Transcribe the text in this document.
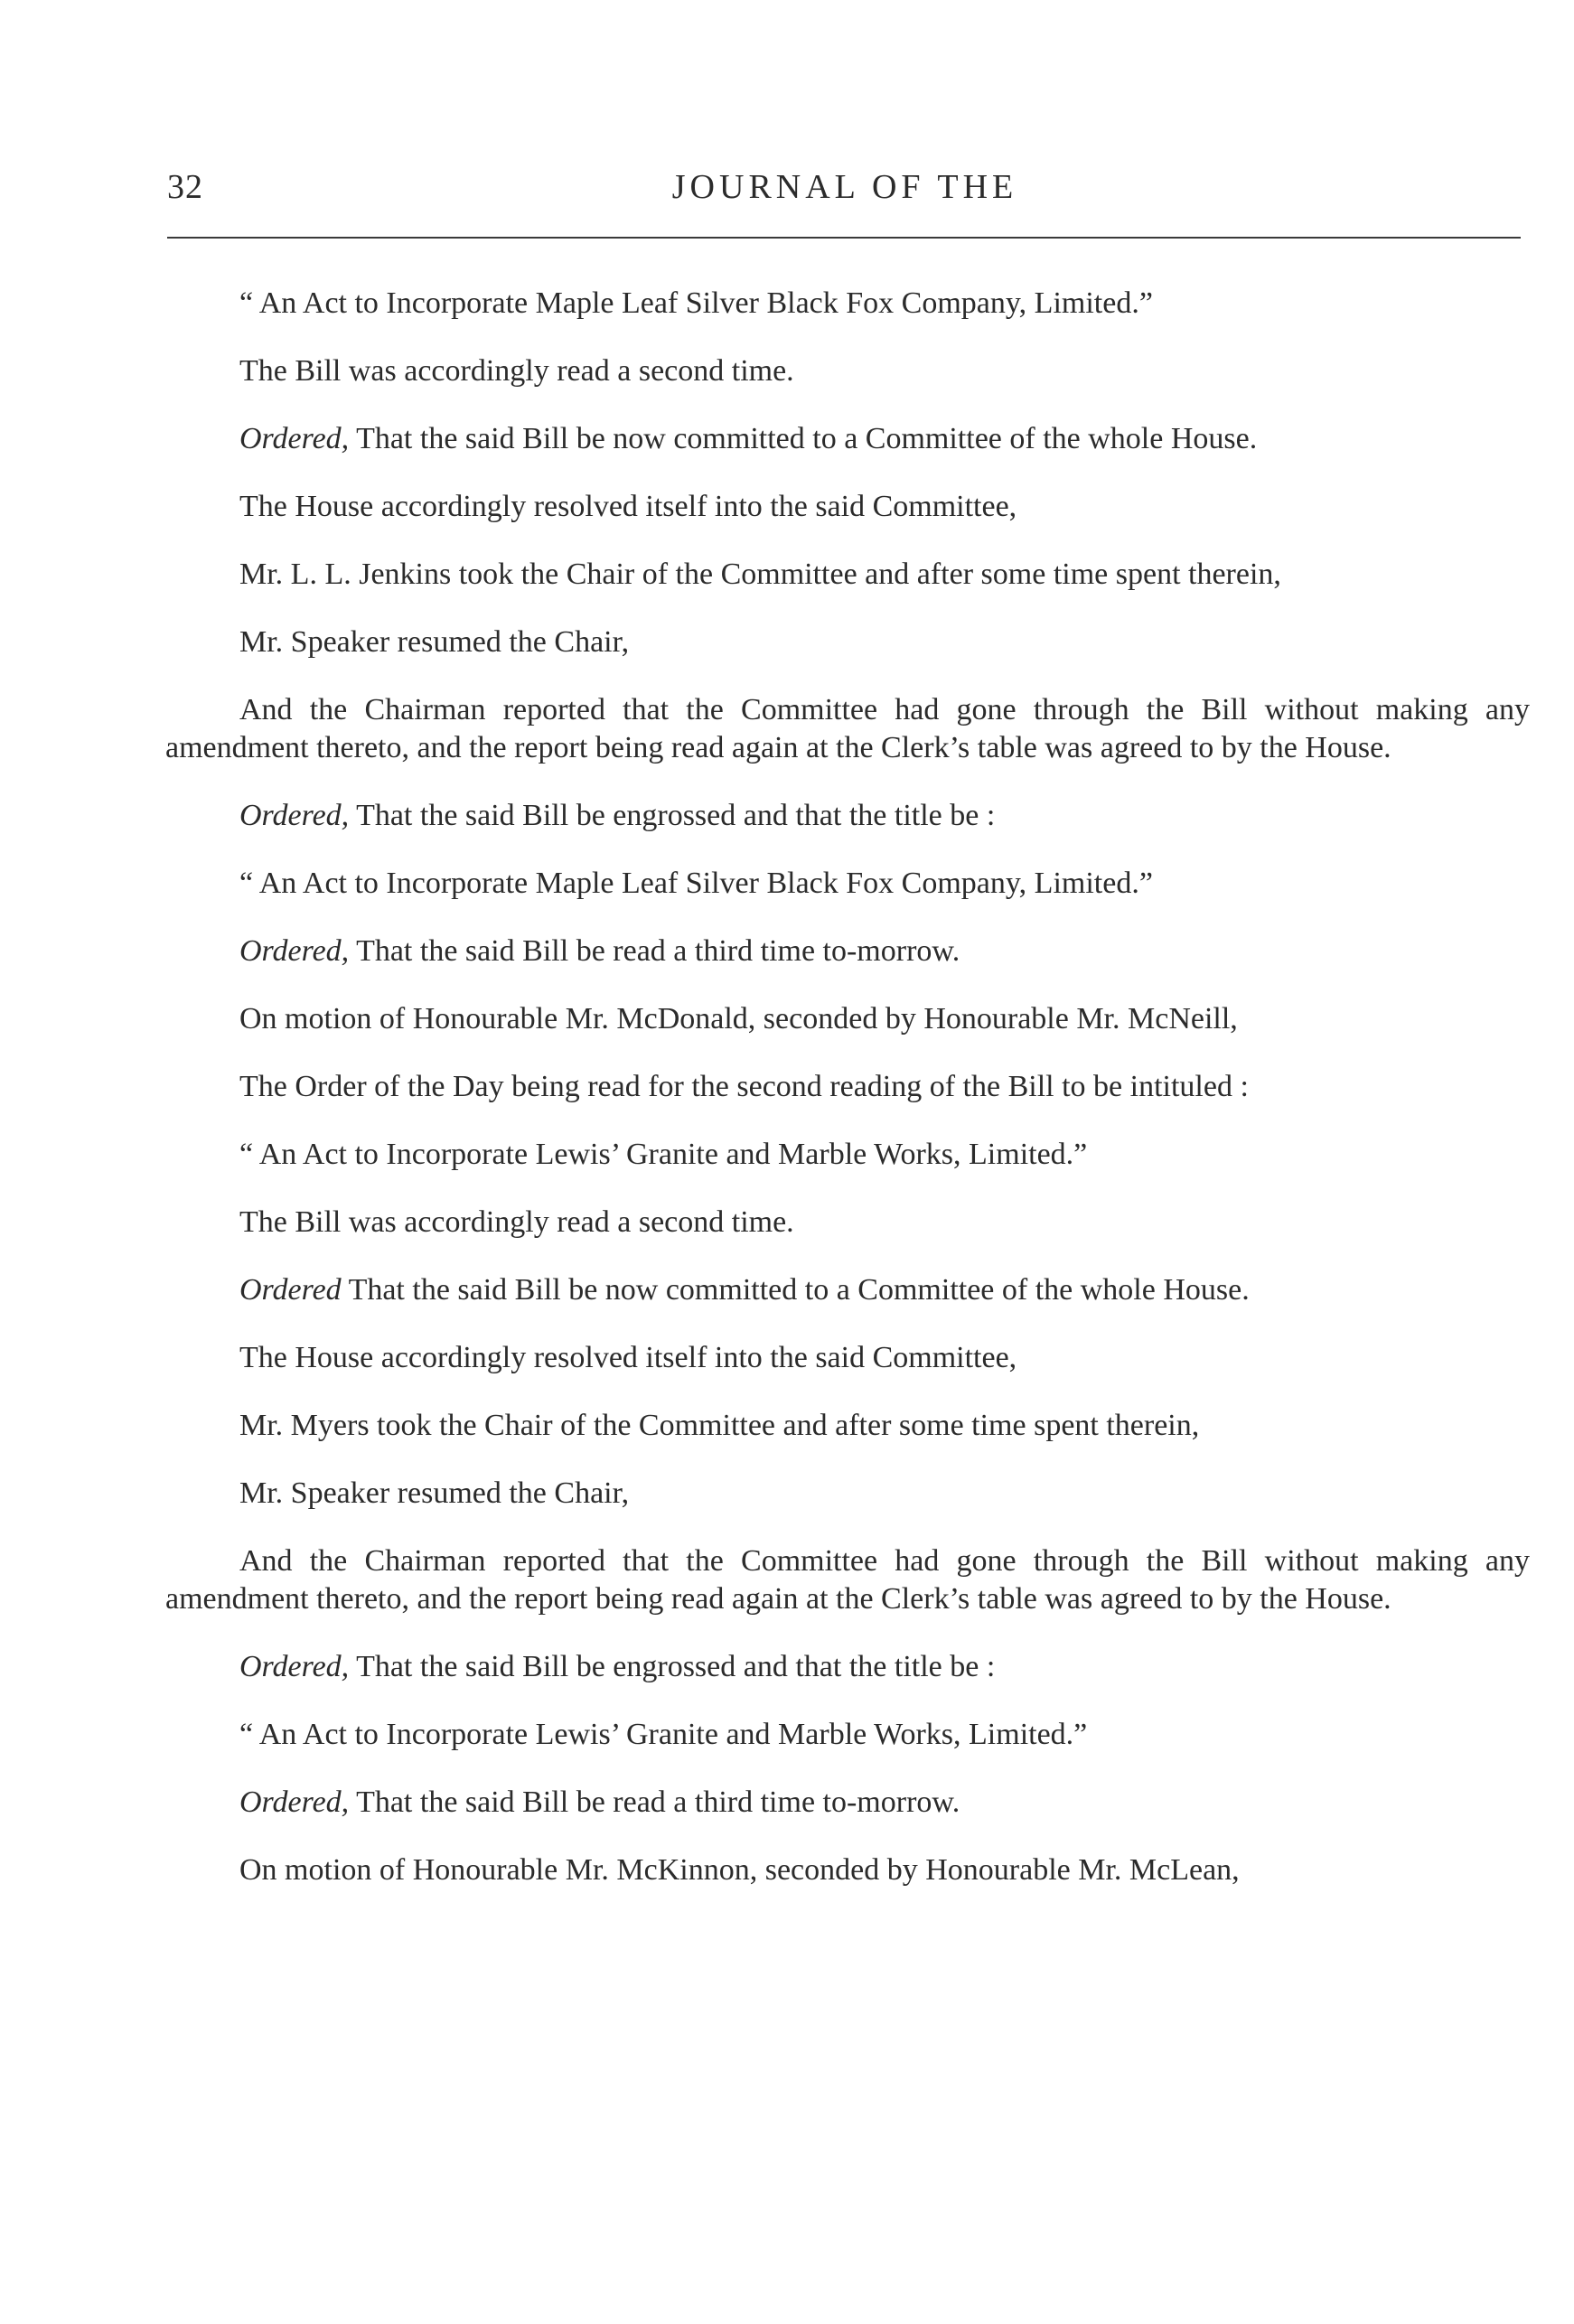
32	JOURNAL OF THE

“ An Act to Incorporate Maple Leaf Silver Black Fox Company, Limited.”

The Bill was accordingly read a second time.

Ordered, That the said Bill be now committed to a Committee of the whole House.

The House accordingly resolved itself into the said Committee,

Mr. L. L. Jenkins took the Chair of the Committee and after some time spent therein,

Mr. Speaker resumed the Chair,

And the Chairman reported that the Committee had gone through the Bill without making any amendment thereto, and the report being read again at the Clerk’s table was agreed to by the House.

Ordered, That the said Bill be engrossed and that the title be :

“ An Act to Incorporate Maple Leaf Silver Black Fox Company, Limited.”

Ordered, That the said Bill be read a third time to-morrow.

On motion of Honourable Mr. McDonald, seconded by Honourable Mr. McNeill,

The Order of the Day being read for the second reading of the Bill to be intituled :

“ An Act to Incorporate Lewis’ Granite and Marble Works, Limited.”

The Bill was accordingly read a second time.

Ordered That the said Bill be now committed to a Committee of the whole House.

The House accordingly resolved itself into the said Committee,

Mr. Myers took the Chair of the Committee and after some time spent therein,

Mr. Speaker resumed the Chair,

And the Chairman reported that the Committee had gone through the Bill without making any amendment thereto, and the report being read again at the Clerk’s table was agreed to by the House.

Ordered, That the said Bill be engrossed and that the title be :

“ An Act to Incorporate Lewis’ Granite and Marble Works, Limited.”

Ordered, That the said Bill be read a third time to-morrow.

On motion of Honourable Mr. McKinnon, seconded by Honourable Mr. McLean,
